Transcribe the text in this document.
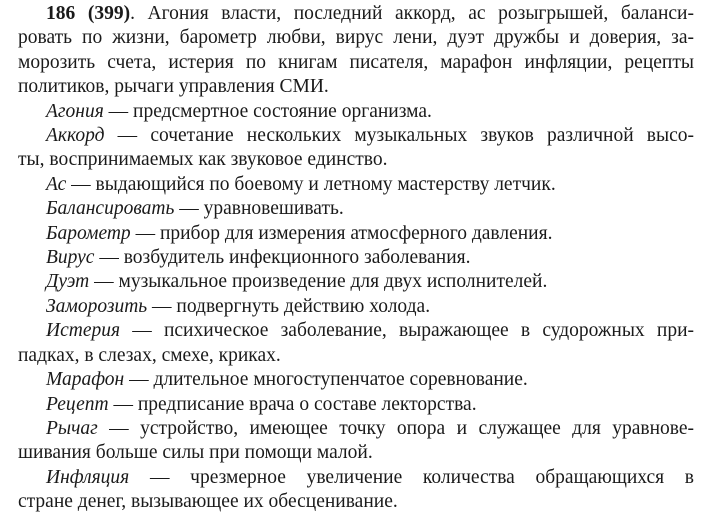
186 (399). Агония власти, последний аккорд, ас розыгрышей, баланси-
ровать по жизни, барометр любви, вирус лени, дуэт дружбы и доверия, за-
морозить счета, истерия по книгам писателя, марафон инфляции, рецепты
политиков, рычаги управления СМИ.
Агония — предсмертное состояние организма.
Аккорд — сочетание нескольких музыкальных звуков различной высо-
ты, воспринимаемых как звуковое единство.
Ас — выдающийся по боевому и летному мастерству летчик.
Балансировать — уравновешивать.
Барометр — прибор для измерения атмосферного давления.
Вирус — возбудитель инфекционного заболевания.
Дуэт — музыкальное произведение для двух исполнителей.
Заморозить — подвергнуть действию холода.
Истерия — психическое заболевание, выражающее в судорожных при-
падках, в слезах, смехе, криках.
Марафон — длительное многоступенчатое соревнование.
Рецепт — предписание врача о составе лекторства.
Рычаг — устройство, имеющее точку опора и служащее для уравнове-
шивания больше силы при помощи малой.
Инфляция — чрезмерное увеличение количества обращающихся в
стране денег, вызывающее их обесценивание.
